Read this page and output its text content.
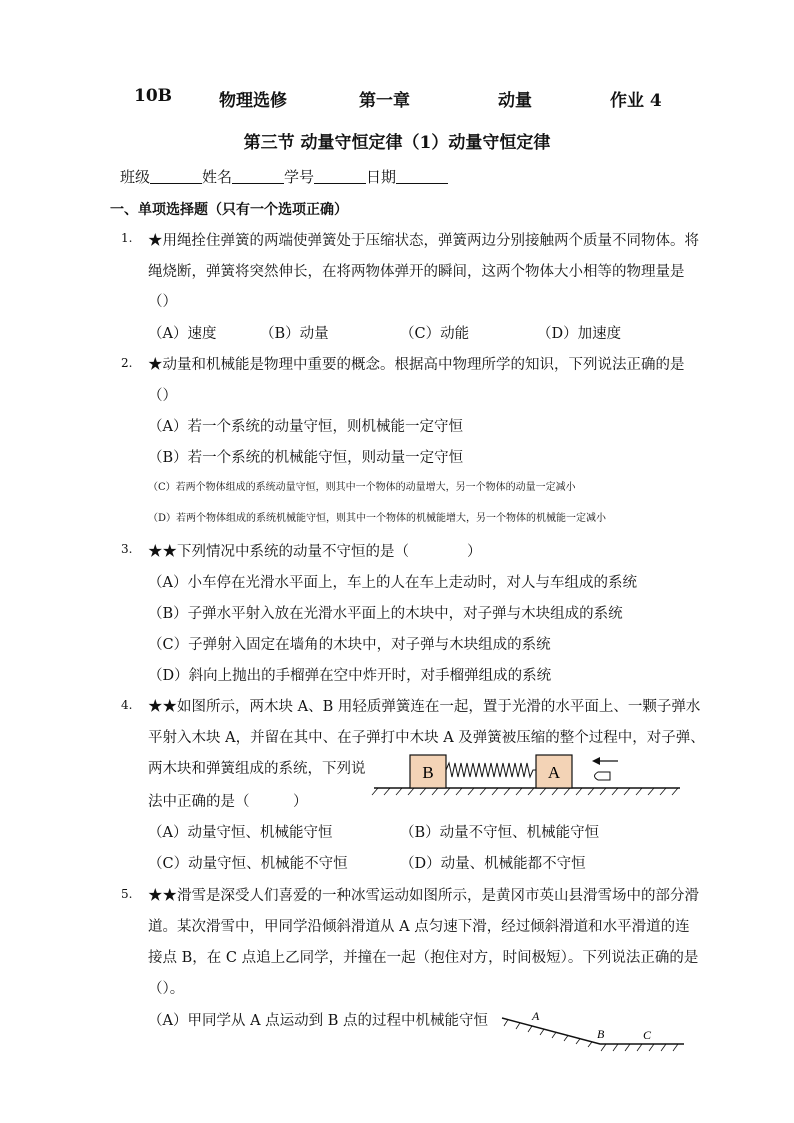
10B	物理选修	第一章	动量	作业 4
第三节 动量守恒定律（1）动量守恒定律
班级	姓名	学号	日期
一、单项选择题（只有一个选项正确）
1. ★用绳拴住弹簧的两端使弹簧处于压缩状态，弹簧两边分别接触两个质量不同物体。将
绳烧断，弹簧将突然伸长，在将两物体弹开的瞬间，这两个物体大小相等的物理量是
（）
（A）速度	（B）动量	（C）动能	（D）加速度
2. ★动量和机械能是物理中重要的概念。根据高中物理所学的知识，下列说法正确的是
（）
（A）若一个系统的动量守恒，则机械能一定守恒
（B）若一个系统的机械能守恒，则动量一定守恒
（C）若两个物体组成的系统动量守恒，则其中一个物体的动量增大，另一个物体的动量一定减小
（D）若两个物体组成的系统机械能守恒，则其中一个物体的机械能增大，另一个物体的机械能一定减小
3. ★★下列情况中系统的动量不守恒的是（　　　　）
（A）小车停在光滑水平面上，车上的人在车上走动时，对人与车组成的系统
（B）子弹水平射入放在光滑水平面上的木块中，对子弹与木块组成的系统
（C）子弹射入固定在墙角的木块中，对子弹与木块组成的系统
（D）斜向上抛出的手榴弹在空中炸开时，对手榴弹组成的系统
4. ★★如图所示，两木块 A、B 用轻质弹簧连在一起，置于光滑的水平面上、一颗子弹水
平射入木块 A，并留在其中、在子弹打中木块 A 及弹簧被压缩的整个过程中，对子弹、
两木块和弹簧组成的系统，下列说
法中正确的是（　　　）
B	A
（A）动量守恒、机械能守恒	（B）动量不守恒、机械能守恒
（C）动量守恒、机械能不守恒	（D）动量、机械能都不守恒
5. ★★滑雪是深受人们喜爱的一种冰雪运动如图所示，是黄冈市英山县滑雪场中的部分滑
道。某次滑雪中，甲同学沿倾斜滑道从 A 点匀速下滑，经过倾斜滑道和水平滑道的连
接点 B，在 C 点追上乙同学，并撞在一起（抱住对方，时间极短）。下列说法正确的是
（）。
（A）甲同学从 A 点运动到 B 点的过程中机械能守恒	A
B	C
